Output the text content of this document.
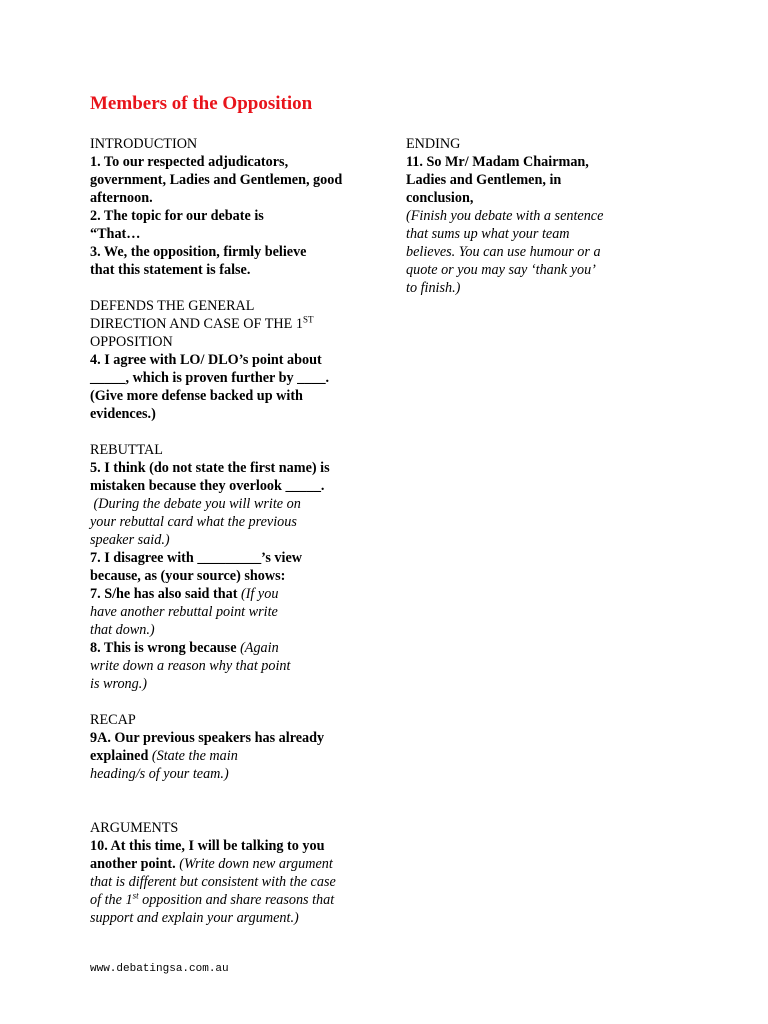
Members of the Opposition

INTRODUCTION

1. To our respected adjudicators,

government, Ladies and Gentlemen, good

afternoon.

2. The topic for our debate is

“That…

3. We, the opposition, firmly believe

that this statement is false.

DEFENDS THE GENERAL

DIRECTION AND CASE OF THE 1ST

OPPOSITION

4. I agree with LO/ DLO’s point about

_____, which is proven further by ____.

(Give more defense backed up with

evidences.)

REBUTTAL

5. I think (do not state the first name) is

mistaken because they overlook _____.

(During the debate you will write on

your rebuttal card what the previous

speaker said.)

7. I disagree with _________’s view

because, as (your source) shows:

7. S/he has also said that (If you

have another rebuttal point write

that down.)

8. This is wrong because (Again

write down a reason why that point

is wrong.)

RECAP

9A. Our previous speakers has already

explained (State the main

heading/s of your team.)

ARGUMENTS

10. At this time, I will be talking to you

another point. (Write down new argument

that is different but consistent with the case

of the 1st opposition and share reasons that

support and explain your argument.)

ENDING

11. So Mr/ Madam Chairman,

Ladies and Gentlemen, in

conclusion,

(Finish you debate with a sentence

that sums up what your team

believes. You can use humour or a

quote or you may say ‘thank you’

to finish.)

www.debatingsa.com.au
